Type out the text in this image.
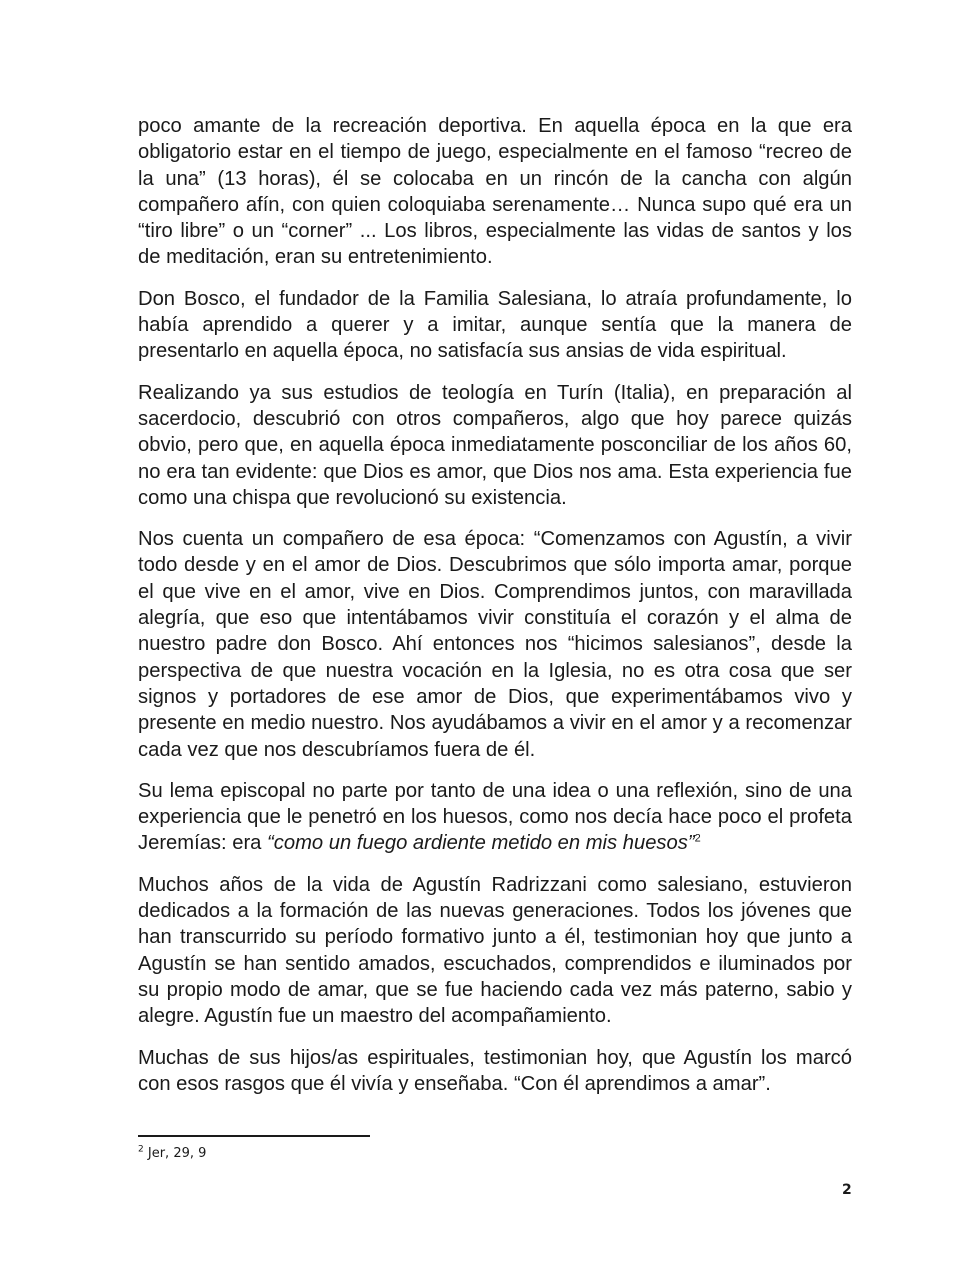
poco amante de la recreación deportiva. En aquella época en la que era obligatorio estar en el tiempo de juego, especialmente en el famoso “recreo de la una” (13 horas), él se colocaba en un rincón de la cancha con algún compañero afín, con quien coloquiaba serenamente… Nunca supo qué era un “tiro libre” o un “corner” ... Los libros, especialmente las vidas de santos y los de meditación, eran su entretenimiento.

Don Bosco, el fundador de la Familia Salesiana, lo atraía profundamente, lo había aprendido a querer y a imitar, aunque sentía que la manera de presentarlo en aquella época, no satisfacía sus ansias de vida espiritual.

Realizando ya sus estudios de teología en Turín (Italia), en preparación al sacerdocio, descubrió con otros compañeros, algo que hoy parece quizás obvio, pero que, en aquella época inmediatamente posconciliar de los años 60, no era tan evidente: que Dios es amor, que Dios nos ama. Esta experiencia fue como una chispa que revolucionó su existencia.

Nos cuenta un compañero de esa época: “Comenzamos con Agustín, a vivir todo desde y en el amor de Dios. Descubrimos que sólo importa amar, porque el que vive en el amor, vive en Dios. Comprendimos juntos, con maravillada alegría, que eso que intentábamos vivir constituía el corazón y el alma de nuestro padre don Bosco. Ahí entonces nos “hicimos salesianos”, desde la perspectiva de que nuestra vocación en la Iglesia, no es otra cosa que ser signos y portadores de ese amor de Dios, que experimentábamos vivo y presente en medio nuestro. Nos ayudábamos a vivir en el amor y a recomenzar cada vez que nos descubríamos fuera de él.

Su lema episcopal no parte por tanto de una idea o una reflexión, sino de una experiencia que le penetró en los huesos, como nos decía hace poco el profeta Jeremías: era “como un fuego ardiente metido en mis huesos”$^2$

Muchos años de la vida de Agustín Radrizzani como salesiano, estuvieron dedicados a la formación de las nuevas generaciones. Todos los jóvenes que han transcurrido su período formativo junto a él, testimonian hoy que junto a Agustín se han sentido amados, escuchados, comprendidos e iluminados por su propio modo de amar, que se fue haciendo cada vez más paterno, sabio y alegre. Agustín fue un maestro del acompañamiento.

Muchas de sus hijos/as espirituales, testimonian hoy, que Agustín los marcó con esos rasgos que él vivía y enseñaba. “Con él aprendimos a amar”.

$^2$ Jer, 29, 9
2
